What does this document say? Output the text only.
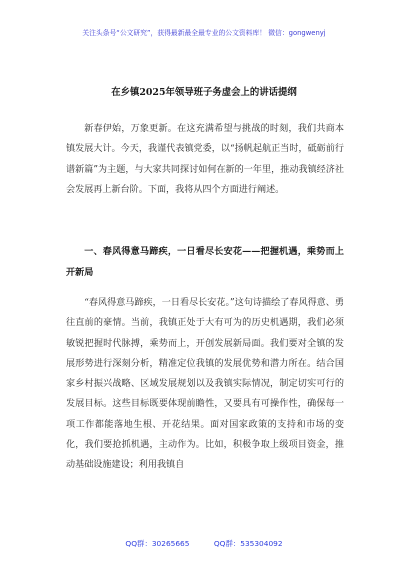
关注头条号“公文研究”，获得最新最全最专业的公文资料库！ 微信：gongwenyj
在乡镇2025年领导班子务虚会上的讲话提纲

新春伊始，万象更新。在这充满希望与挑战的时刻，我们共商本镇发展大计。今天，我谨代表镇党委，以“扬帆起航正当时，砥砺前行谱新篇”为主题，与大家共同探讨如何在新的一年里，推动我镇经济社会发展再上新台阶。下面，我将从四个方面进行阐述。

一、春风得意马蹄疾，一日看尽长安花——把握机遇，乘势而上开新局

“春风得意马蹄疾，一日看尽长安花。”这句诗描绘了春风得意、勇往直前的豪情。当前，我镇正处于大有可为的历史机遇期，我们必须敏锐把握时代脉搏，乘势而上，开创发展新局面。我们要对全镇的发展形势进行深刻分析，精准定位我镇的发展优势和潜力所在。结合国家乡村振兴战略、区域发展规划以及我镇实际情况，制定切实可行的发展目标。这些目标既要体现前瞻性，又要具有可操作性，确保每一项工作都能落地生根、开花结果。面对国家政策的支持和市场的变化，我们要抢抓机遇，主动作为。比如，积极争取上级项目资金，推动基础设施建设；利用我镇自

QQ群：30265665	QQ群：535304092
